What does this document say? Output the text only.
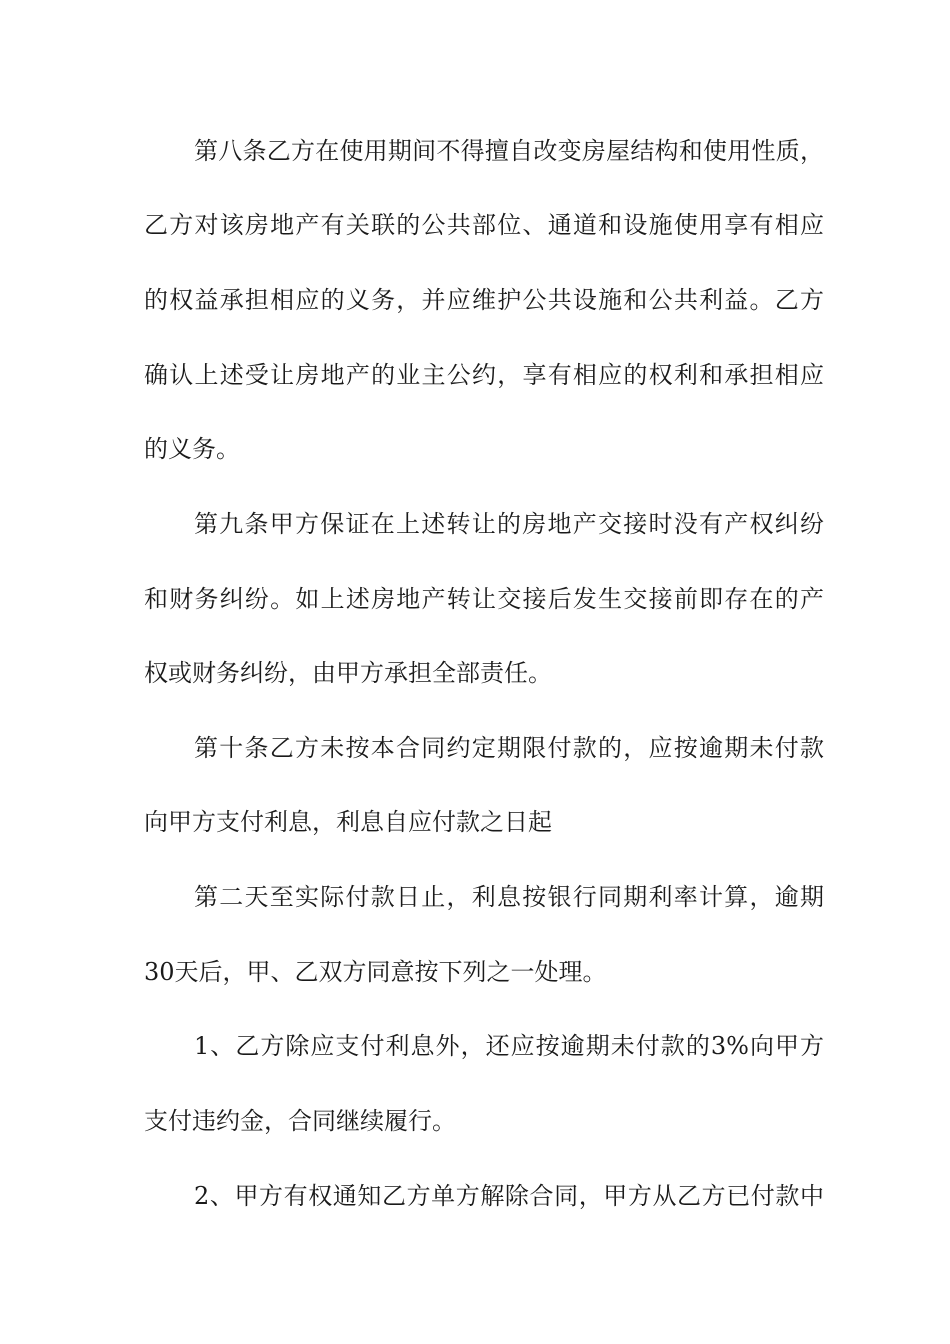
第八条乙方在使用期间不得擅自改变房屋结构和使用性质，
乙方对该房地产有关联的公共部位、通道和设施使用享有相应
的权益承担相应的义务，并应维护公共设施和公共利益。乙方
确认上述受让房地产的业主公约，享有相应的权利和承担相应
的义务。
第九条甲方保证在上述转让的房地产交接时没有产权纠纷
和财务纠纷。如上述房地产转让交接后发生交接前即存在的产
权或财务纠纷，由甲方承担全部责任。
第十条乙方未按本合同约定期限付款的，应按逾期未付款
向甲方支付利息，利息自应付款之日起
第二天至实际付款日止，利息按银行同期利率计算，逾期
30天后，甲、乙双方同意按下列之一处理。
1、乙方除应支付利息外，还应按逾期未付款的3%向甲方
支付违约金，合同继续履行。
2、甲方有权通知乙方单方解除合同，甲方从乙方已付款中
